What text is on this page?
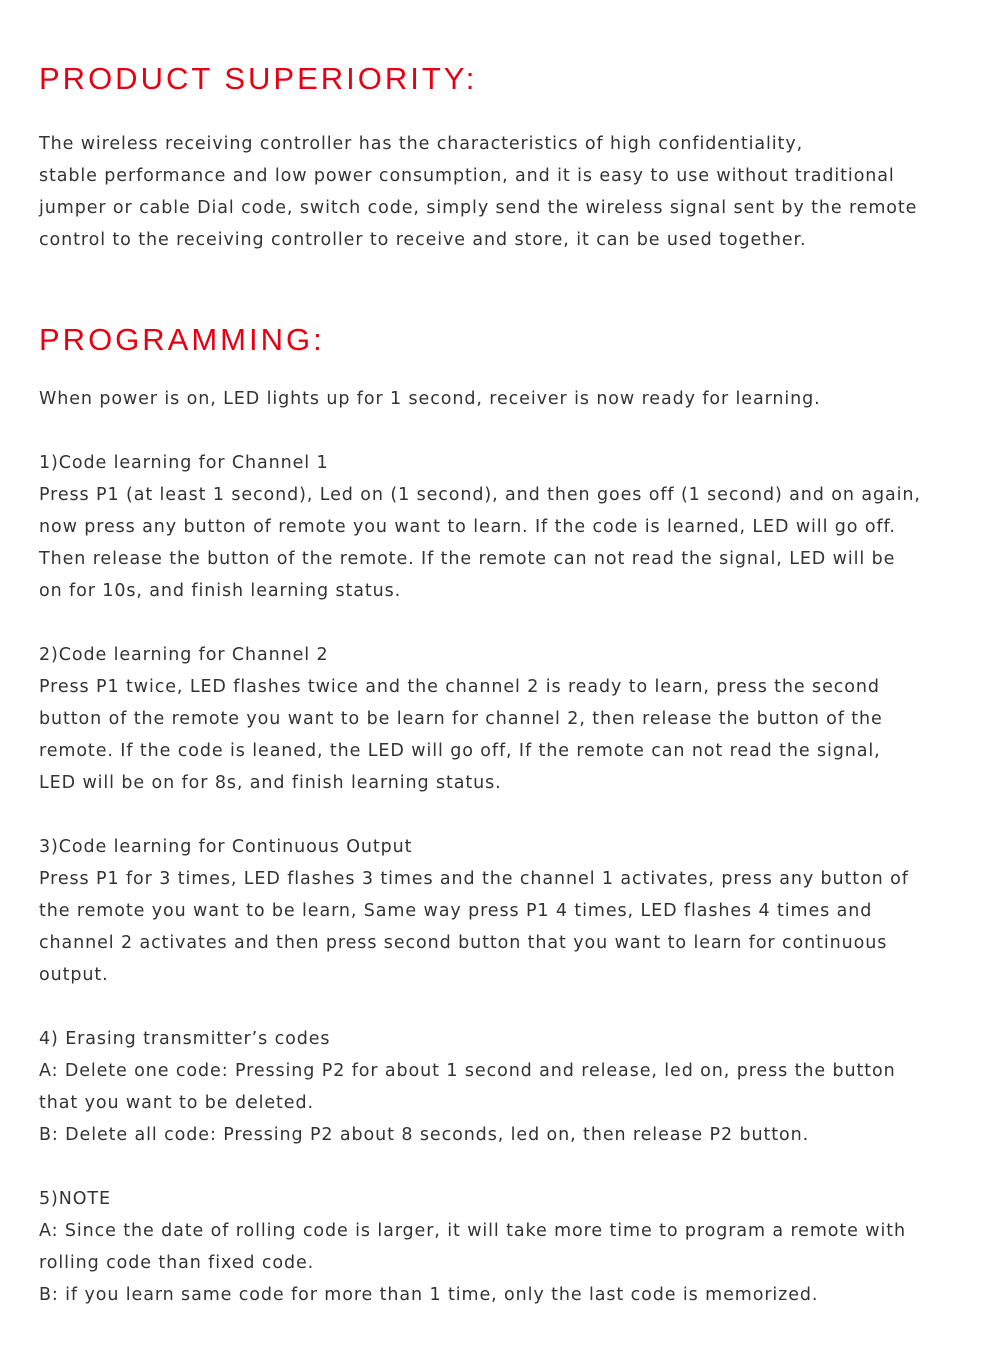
PRODUCT SUPERIORITY:
The wireless receiving controller has the characteristics of high confidentiality,
stable performance and low power consumption, and it is easy to use without traditional
jumper or cable Dial code, switch code, simply send the wireless signal sent by the remote
control to the receiving controller to receive and store, it can be used together.
PROGRAMMING:
When power is on, LED lights up for 1 second, receiver is now ready for learning.
1)Code learning for Channel 1
Press P1 (at least 1 second), Led on (1 second), and then goes off (1 second) and on again,
now press any button of remote you want to learn. If the code is learned, LED will go off.
Then release the button of the remote. If the remote can not read the signal, LED will be
on for 10s, and finish learning status.
2)Code learning for Channel 2
Press P1 twice, LED flashes twice and the channel 2 is ready to learn, press the second
button of the remote you want to be learn for channel 2, then release the button of the
remote. If the code is leaned, the LED will go off, If the remote can not read the signal,
LED will be on for 8s, and finish learning status.
3)Code learning for Continuous Output
Press P1 for 3 times, LED flashes 3 times and the channel 1 activates, press any button of
the remote you want to be learn, Same way press P1 4 times, LED flashes 4 times and
channel 2 activates and then press second button that you want to learn for continuous
output.
4) Erasing transmitter’s codes
A: Delete one code: Pressing P2 for about 1 second and release, led on, press the button
that you want to be deleted.
B: Delete all code: Pressing P2 about 8 seconds, led on, then release P2 button.
5)NOTE
A: Since the date of rolling code is larger, it will take more time to program a remote with
rolling code than fixed code.
B: if you learn same code for more than 1 time, only the last code is memorized.
